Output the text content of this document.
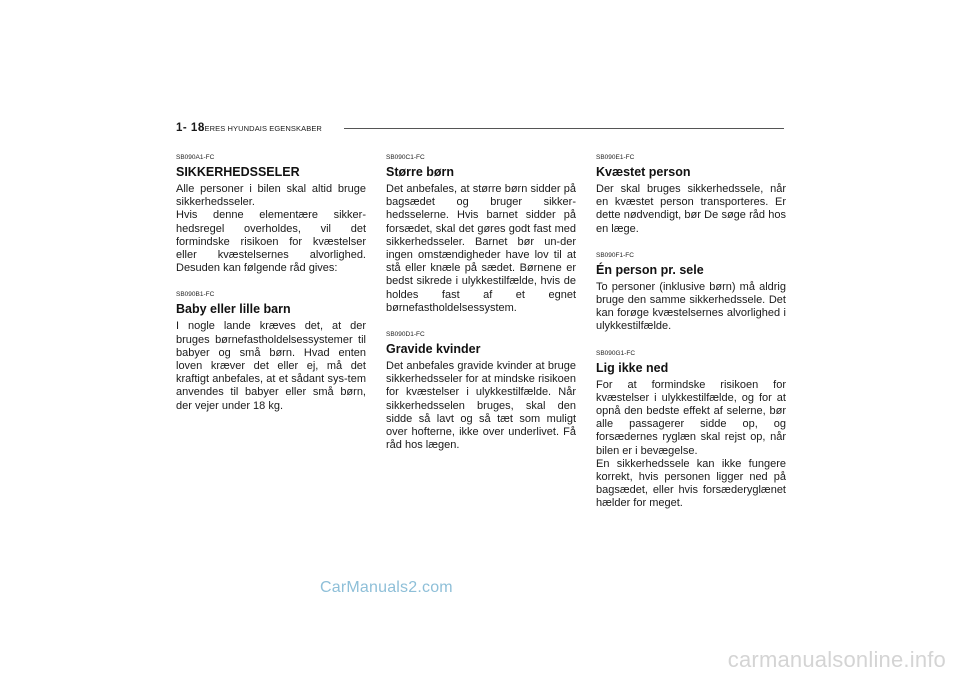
1- 18
DERES HYUNDAIS EGENSKABER
SB090A1-FC
SIKKERHEDSSELER

Alle personer i bilen skal altid bruge sikkerhedsseler.
Hvis denne elementære sikker-hedsregel overholdes, vil det formindske risikoen for kvæstelser eller kvæstelsernes alvorlighed. Desuden kan følgende råd gives:

SB090B1-FC
Baby eller lille barn

I nogle lande kræves det, at der bruges børnefastholdelsessystemer til babyer og små børn. Hvad enten loven kræver det eller ej, må det kraftigt anbefales, at et sådant sys-tem anvendes til babyer eller små børn, der vejer under 18 kg.

SB090C1-FC
Større børn

Det anbefales, at større børn sidder på bagsædet og bruger sikker-hedsselerne. Hvis barnet sidder på forsædet, skal det gøres godt fast med sikkerhedsseler. Barnet bør un-der ingen omstændigheder have lov til at stå eller knæle på sædet. Børnene er bedst sikrede i ulykkestilfælde, hvis de holdes fast af et egnet børnefastholdelsessystem.

SB090D1-FC
Gravide kvinder

Det anbefales gravide kvinder at bruge sikkerhedsseler for at mindske risikoen for kvæstelser i ulykkestilfælde. Når sikkerhedsselen bruges, skal den sidde så lavt og så tæt som muligt over hofterne, ikke over underlivet. Få råd hos lægen.

SB090E1-FC
Kvæstet person

Der skal bruges sikkerhedsselе, når en kvæstet person transporteres. Er dette nødvendigt, bør De søge råd hos en læge.

SB090F1-FC
Én person pr. sele

To personer (inklusive børn) må aldrig bruge den samme sikkerhedssele. Det kan forøge kvæstelsernes alvorlighed i ulykkestilfælde.

SB090G1-FC
Lig ikke ned

For at formindske risikoen for kvæstelser i ulykkestilfælde, og for at opnå den bedste effekt af selerne, bør alle passagerer sidde op, og forsædernes ryglæn skal rejst op, når bilen er i bevægelse.
En sikkerhedssele kan ikke fungere korrekt, hvis personen ligger ned på bagsædet, eller hvis forsæderyglænet hælder for meget.

CarManuals2.com
carmanualsonline.info
